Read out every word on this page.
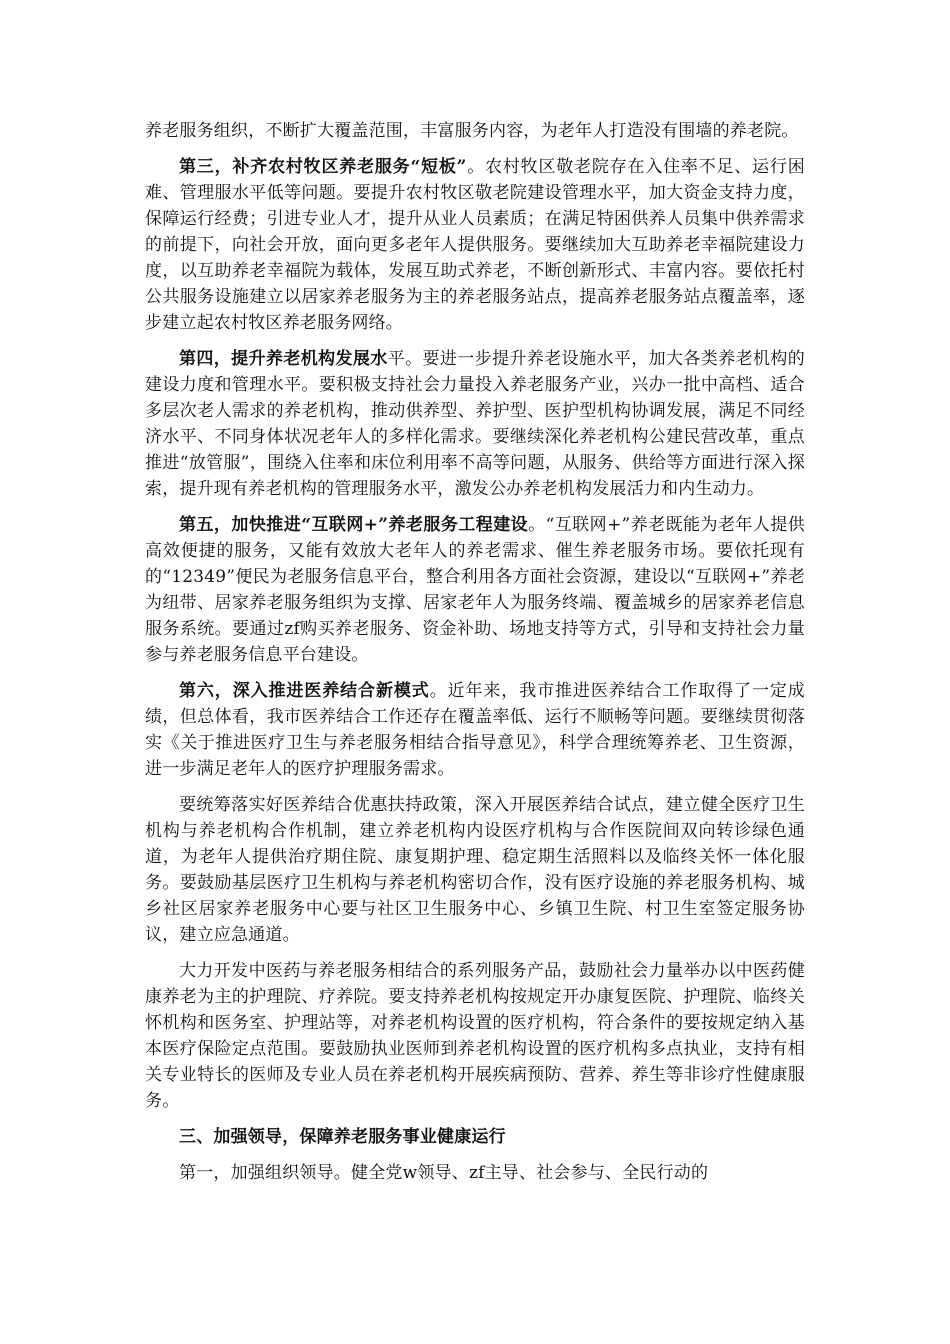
养老服务组织，不断扩大覆盖范围，丰富服务内容，为老年人打造没有围墙的养老院。

第三，补齐农村牧区养老服务“短板”。农村牧区敬老院存在入住率不足、运行困难、管理服水平低等问题。要提升农村牧区敬老院建设管理水平，加大资金支持力度，保障运行经费；引进专业人才，提升从业人员素质；在满足特困供养人员集中供养需求的前提下，向社会开放，面向更多老年人提供服务。要继续加大互助养老幸福院建设力度，以互助养老幸福院为载体，发展互助式养老，不断创新形式、丰富内容。要依托村公共服务设施建立以居家养老服务为主的养老服务站点，提高养老服务站点覆盖率，逐步建立起农村牧区养老服务网络。

第四，提升养老机构发展水平。要进一步提升养老设施水平，加大各类养老机构的建设力度和管理水平。要积极支持社会力量投入养老服务产业，兴办一批中高档、适合多层次老人需求的养老机构，推动供养型、养护型、医护型机构协调发展，满足不同经济水平、不同身体状况老年人的多样化需求。要继续深化养老机构公建民营改革，重点推进“放管服”，围绕入住率和床位利用率不高等问题，从服务、供给等方面进行深入探索，提升现有养老机构的管理服务水平，激发公办养老机构发展活力和内生动力。

第五，加快推进“互联网+”养老服务工程建设。“互联网+”养老既能为老年人提供高效便捷的服务，又能有效放大老年人的养老需求、催生养老服务市场。要依托现有的“12349”便民为老服务信息平台，整合利用各方面社会资源，建设以“互联网+”养老为纽带、居家养老服务组织为支撑、居家老年人为服务终端、覆盖城乡的居家养老信息服务系统。要通过zf购买养老服务、资金补助、场地支持等方式，引导和支持社会力量参与养老服务信息平台建设。

第六，深入推进医养结合新模式。近年来，我市推进医养结合工作取得了一定成绩，但总体看，我市医养结合工作还存在覆盖率低、运行不顺畅等问题。要继续贯彻落实《关于推进医疗卫生与养老服务相结合指导意见》，科学合理统筹养老、卫生资源，进一步满足老年人的医疗护理服务需求。

要统筹落实好医养结合优惠扶持政策，深入开展医养结合试点，建立健全医疗卫生机构与养老机构合作机制，建立养老机构内设医疗机构与合作医院间双向转诊绿色通道，为老年人提供治疗期住院、康复期护理、稳定期生活照料以及临终关怀一体化服务。要鼓励基层医疗卫生机构与养老机构密切合作，没有医疗设施的养老服务机构、城乡社区居家养老服务中心要与社区卫生服务中心、乡镇卫生院、村卫生室签定服务协议，建立应急通道。

大力开发中医药与养老服务相结合的系列服务产品，鼓励社会力量举办以中医药健康养老为主的护理院、疗养院。要支持养老机构按规定开办康复医院、护理院、临终关怀机构和医务室、护理站等，对养老机构设置的医疗机构，符合条件的要按规定纳入基本医疗保险定点范围。要鼓励执业医师到养老机构设置的医疗机构多点执业，支持有相关专业特长的医师及专业人员在养老机构开展疾病预防、营养、养生等非诊疗性健康服务。

三、加强领导，保障养老服务事业健康运行

第一，加强组织领导。健全党w领导、zf主导、社会参与、全民行动的
